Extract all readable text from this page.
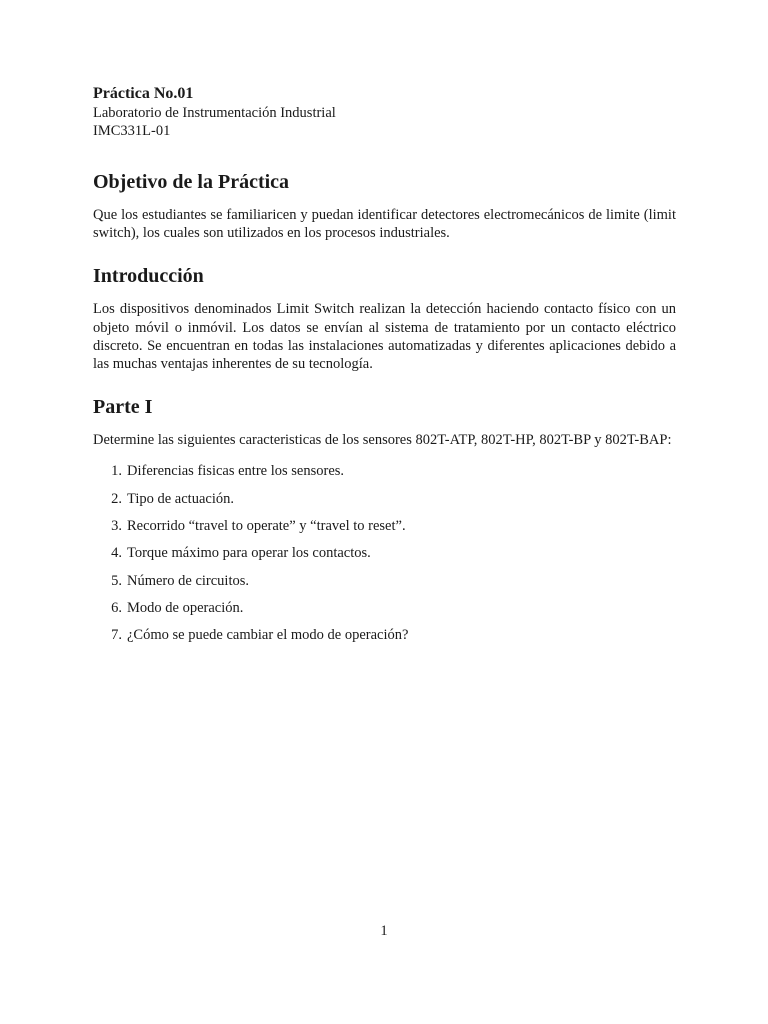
Práctica No.01

Laboratorio de Instrumentación Industrial

IMC331L-01

Objetivo de la Práctica

Que los estudiantes se familiaricen y puedan identificar detectores electromecánicos de limite (limit switch), los cuales son utilizados en los procesos industriales.

Introducción

Los dispositivos denominados Limit Switch realizan la detección haciendo contacto físico con un objeto móvil o inmóvil. Los datos se envían al sistema de tratamiento por un contacto eléctrico discreto. Se encuentran en todas las instalaciones automatizadas y diferentes aplicaciones debido a las muchas ventajas inherentes de su tecnología.

Parte I

Determine las siguientes caracteristicas de los sensores 802T-ATP, 802T-HP, 802T-BP y 802T-BAP:

1. Diferencias fisicas entre los sensores.
2. Tipo de actuación.
3. Recorrido “travel to operate” y “travel to reset”.
4. Torque máximo para operar los contactos.
5. Número de circuitos.
6. Modo de operación.
7. ¿Cómo se puede cambiar el modo de operación?
1
